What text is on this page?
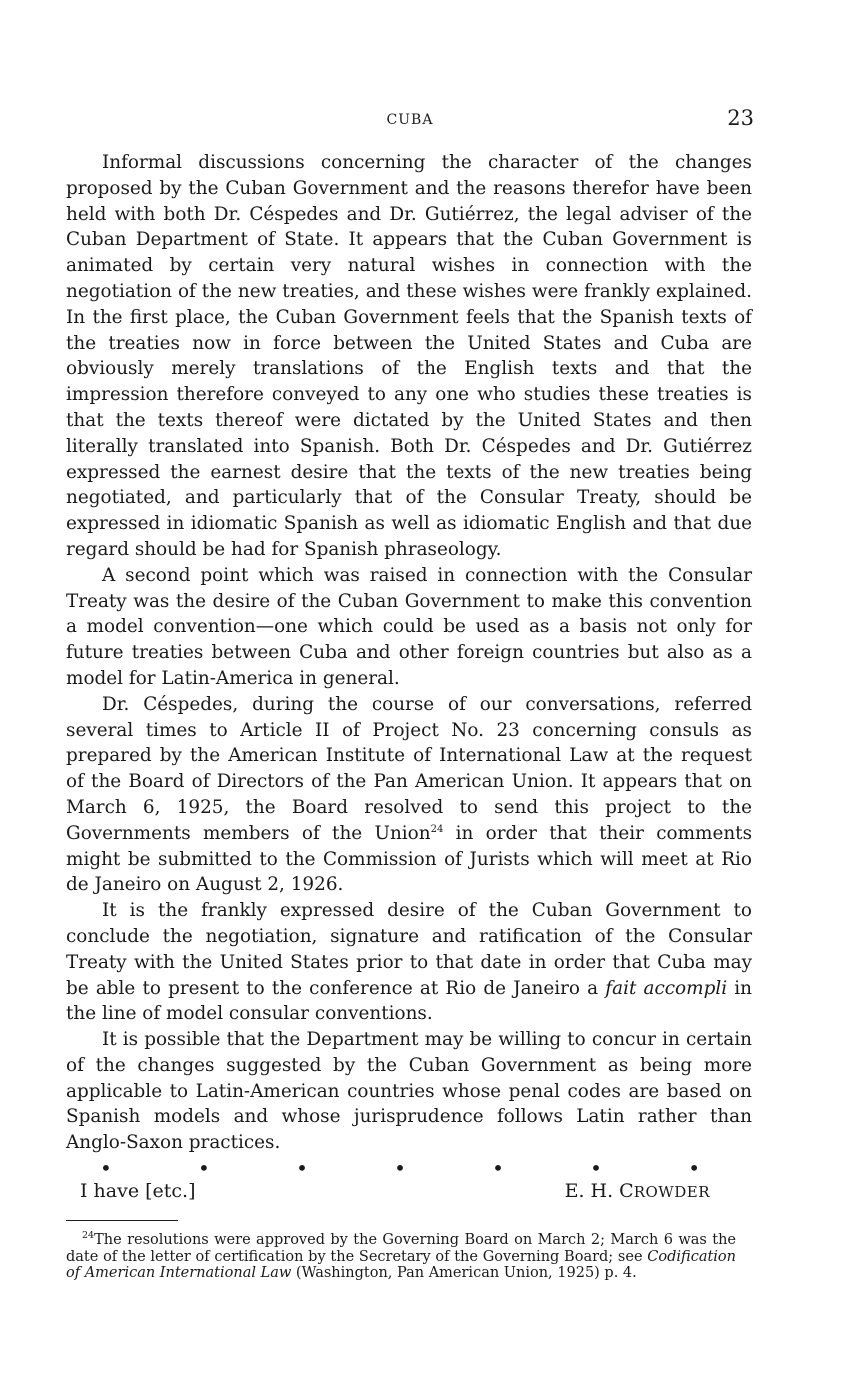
CUBA	23

Informal discussions concerning the character of the changes proposed by the Cuban Government and the reasons therefor have been held with both Dr. Céspedes and Dr. Gutiérrez, the legal adviser of the Cuban Department of State. It appears that the Cuban Government is animated by certain very natural wishes in connection with the negotiation of the new treaties, and these wishes were frankly explained. In the first place, the Cuban Government feels that the Spanish texts of the treaties now in force between the United States and Cuba are obviously merely translations of the English texts and that the impression therefore conveyed to any one who studies these treaties is that the texts thereof were dictated by the United States and then literally translated into Spanish. Both Dr. Céspedes and Dr. Gutiérrez expressed the earnest desire that the texts of the new treaties being negotiated, and particularly that of the Consular Treaty, should be expressed in idiomatic Spanish as well as idiomatic English and that due regard should be had for Spanish phraseology.

A second point which was raised in connection with the Consular Treaty was the desire of the Cuban Government to make this convention a model convention—one which could be used as a basis not only for future treaties between Cuba and other foreign countries but also as a model for Latin-America in general.

Dr. Céspedes, during the course of our conversations, referred several times to Article II of Project No. 23 concerning consuls as prepared by the American Institute of International Law at the request of the Board of Directors of the Pan American Union. It appears that on March 6, 1925, the Board resolved to send this project to the Governments members of the Union$^{24}$ in order that their comments might be submitted to the Commission of Jurists which will meet at Rio de Janeiro on August 2, 1926.

It is the frankly expressed desire of the Cuban Government to conclude the negotiation, signature and ratification of the Consular Treaty with the United States prior to that date in order that Cuba may be able to present to the conference at Rio de Janeiro a fait accompli in the line of model consular conventions.

It is possible that the Department may be willing to concur in certain of the changes suggested by the Cuban Government as being more applicable to Latin-American countries whose penal codes are based on Spanish models and whose jurisprudence follows Latin rather than Anglo-Saxon practices.

•	•	•	•	•	•	•
I have [etc.]	E. H. CROWDER
$^{24}$The resolutions were approved by the Governing Board on March 2; March 6 was the date of the letter of certification by the Secretary of the Governing Board; see Codification of American International Law (Washington, Pan American Union, 1925) p. 4.
